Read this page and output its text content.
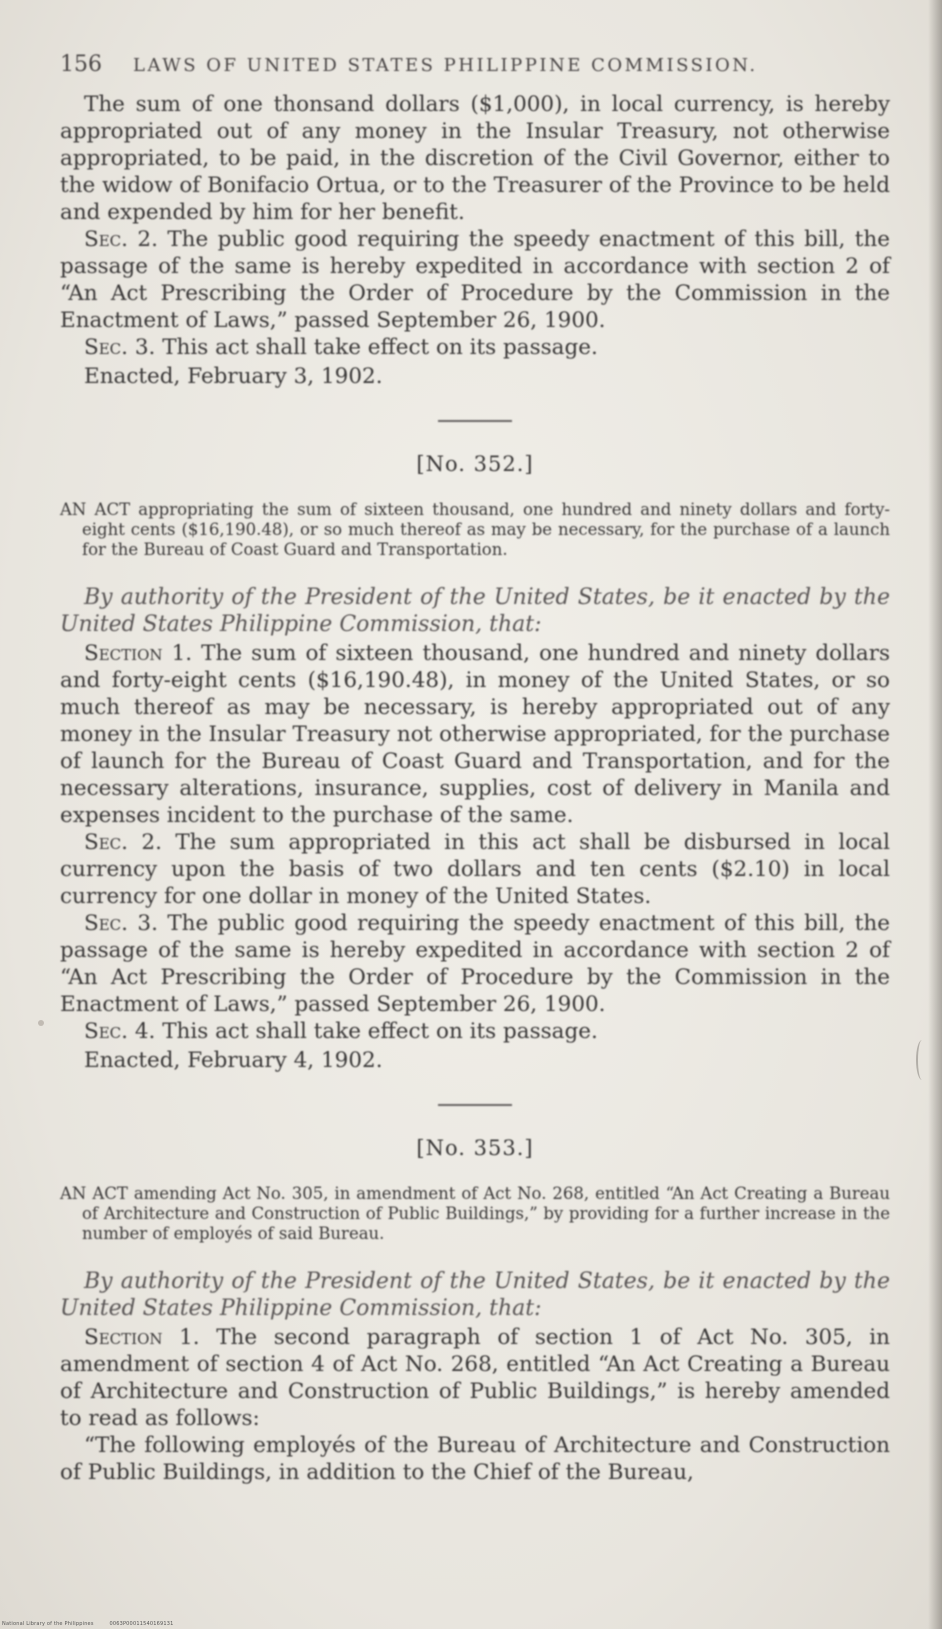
156 LAWS OF UNITED STATES PHILIPPINE COMMISSION.

The sum of one thonsand dollars ($1,000), in local currency, is hereby appropriated out of any money in the Insular Treasury, not otherwise appropriated, to be paid, in the discretion of the Civil Governor, either to the widow of Bonifacio Ortua, or to the Treasurer of the Province to be held and expended by him for her benefit.

Sec. 2. The public good requiring the speedy enactment of this bill, the passage of the same is hereby expedited in accordance with section 2 of “An Act Prescribing the Order of Procedure by the Commission in the Enactment of Laws,” passed September 26, 1900.

Sec. 3. This act shall take effect on its passage.

Enacted, February 3, 1902.

[No. 352.]

AN ACT appropriating the sum of sixteen thousand, one hundred and ninety dollars and forty-eight cents ($16,190.48), or so much thereof as may be necessary, for the purchase of a launch for the Bureau of Coast Guard and Transportation.

By authority of the President of the United States, be it enacted by the United States Philippine Commission, that:

Section 1. The sum of sixteen thousand, one hundred and ninety dollars and forty-eight cents ($16,190.48), in money of the United States, or so much thereof as may be necessary, is hereby appropriated out of any money in the Insular Treasury not otherwise appropriated, for the purchase of launch for the Bureau of Coast Guard and Transportation, and for the necessary alterations, insurance, supplies, cost of delivery in Manila and expenses incident to the purchase of the same.

Sec. 2. The sum appropriated in this act shall be disbursed in local currency upon the basis of two dollars and ten cents ($2.10) in local currency for one dollar in money of the United States.

Sec. 3. The public good requiring the speedy enactment of this bill, the passage of the same is hereby expedited in accordance with section 2 of “An Act Prescribing the Order of Procedure by the Commission in the Enactment of Laws,” passed September 26, 1900.

Sec. 4. This act shall take effect on its passage.

Enacted, February 4, 1902.

[No. 353.]

AN ACT amending Act No. 305, in amendment of Act No. 268, entitled “An Act Creating a Bureau of Architecture and Construction of Public Buildings,” by providing for a further increase in the number of employés of said Bureau.

By authority of the President of the United States, be it enacted by the United States Philippine Commission, that:

Section 1. The second paragraph of section 1 of Act No. 305, in amendment of section 4 of Act No. 268, entitled “An Act Creating a Bureau of Architecture and Construction of Public Buildings,” is hereby amended to read as follows:

“The following employés of the Bureau of Architecture and Construction of Public Buildings, in addition to the Chief of the Bureau,

National Library of the Philippines	0063P00011540169131
